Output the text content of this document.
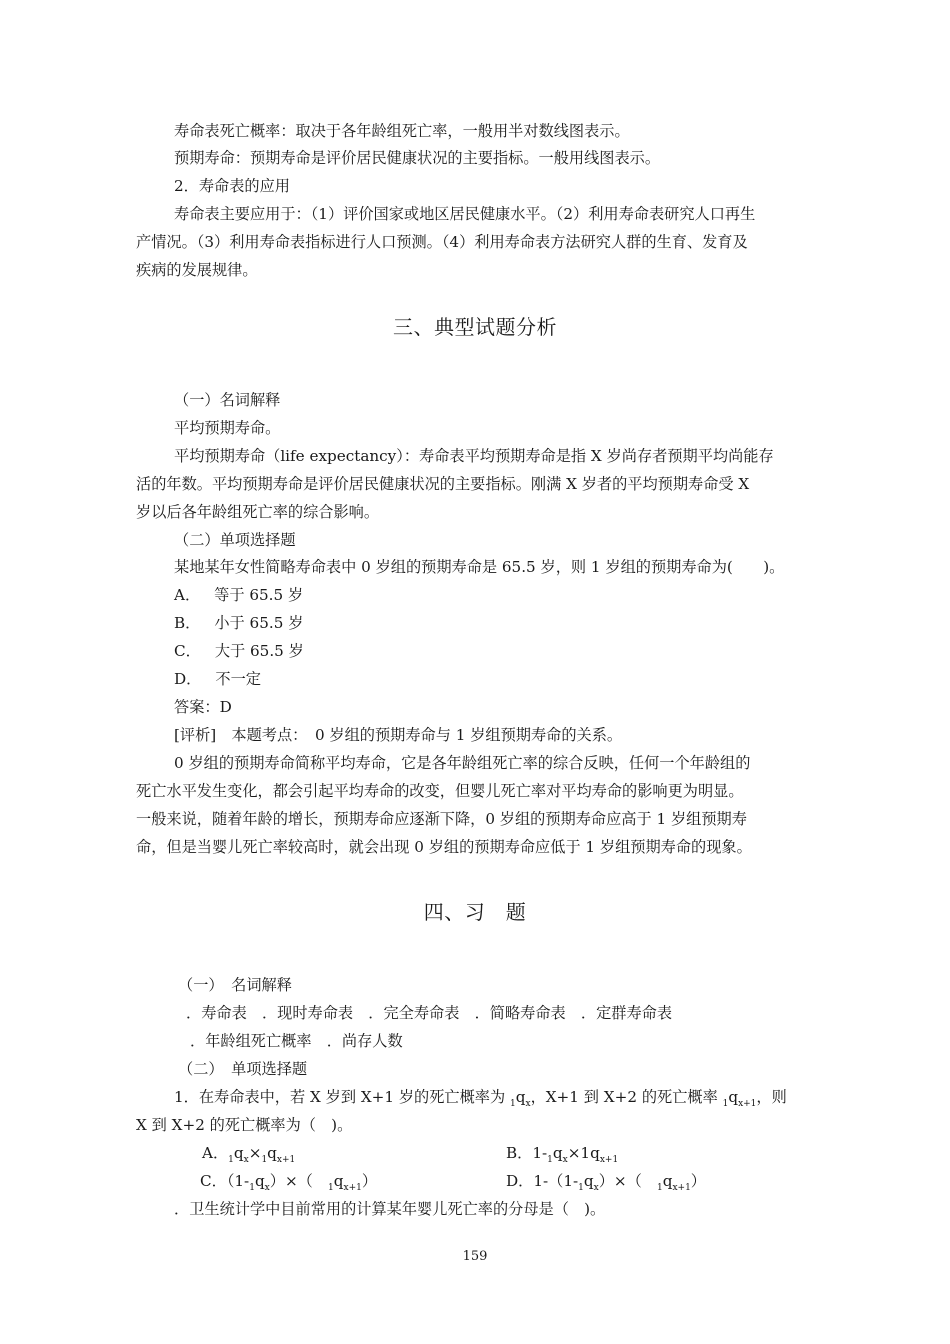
寿命表死亡概率：取决于各年龄组死亡率，一般用半对数线图表示。
预期寿命：预期寿命是评价居民健康状况的主要指标。一般用线图表示。
2．寿命表的应用
寿命表主要应用于：（1）评价国家或地区居民健康水平。（2）利用寿命表研究人口再生
产情况。（3）利用寿命表指标进行人口预测。（4）利用寿命表方法研究人群的生育、发育及
疾病的发展规律。
三、典型试题分析
（一）名词解释
平均预期寿命。
平均预期寿命（life expectancy）：寿命表平均预期寿命是指 X 岁尚存者预期平均尚能存
活的年数。平均预期寿命是评价居民健康状况的主要指标。刚满 X 岁者的平均预期寿命受 X
岁以后各年龄组死亡率的综合影响。
（二）单项选择题
某地某年女性简略寿命表中 0 岁组的预期寿命是 65.5 岁，则 1 岁组的预期寿命为(　　)。
A． 等于 65.5 岁
B． 小于 65.5 岁
C． 大于 65.5 岁
D． 不一定
答案：D
[评析]　本题考点：　0 岁组的预期寿命与 1 岁组预期寿命的关系。
0 岁组的预期寿命简称平均寿命，它是各年龄组死亡率的综合反映，任何一个年龄组的
死亡水平发生变化，都会引起平均寿命的改变，但婴儿死亡率对平均寿命的影响更为明显。
一般来说，随着年龄的增长，预期寿命应逐渐下降，0 岁组的预期寿命应高于 1 岁组预期寿
命，但是当婴儿死亡率较高时，就会出现 0 岁组的预期寿命应低于 1 岁组预期寿命的现象。
四、习　题
（一）　名词解释
．寿命表　．现时寿命表　．完全寿命表　．简略寿命表　．定群寿命表
．年龄组死亡概率　．尚存人数
（二）　单项选择题
1．在寿命表中，若 X 岁到 X+1 岁的死亡概率为 $_1q_x$，X+1 到 X+2 的死亡概率 $_1q_{x+1}$，则
X 到 X+2 的死亡概率为（　)。
A．$_1q_x\times_1q_{x+1}$	B．$1-_1q_x\times 1q_{x+1}$
C．$(1-_1q_x)\times$（　$_1q_{x+1}$）	D．$1-(1-_1q_x)\times$（　$_1q_{x+1}$）
．卫生统计学中目前常用的计算某年婴儿死亡率的分母是（　)。
159
